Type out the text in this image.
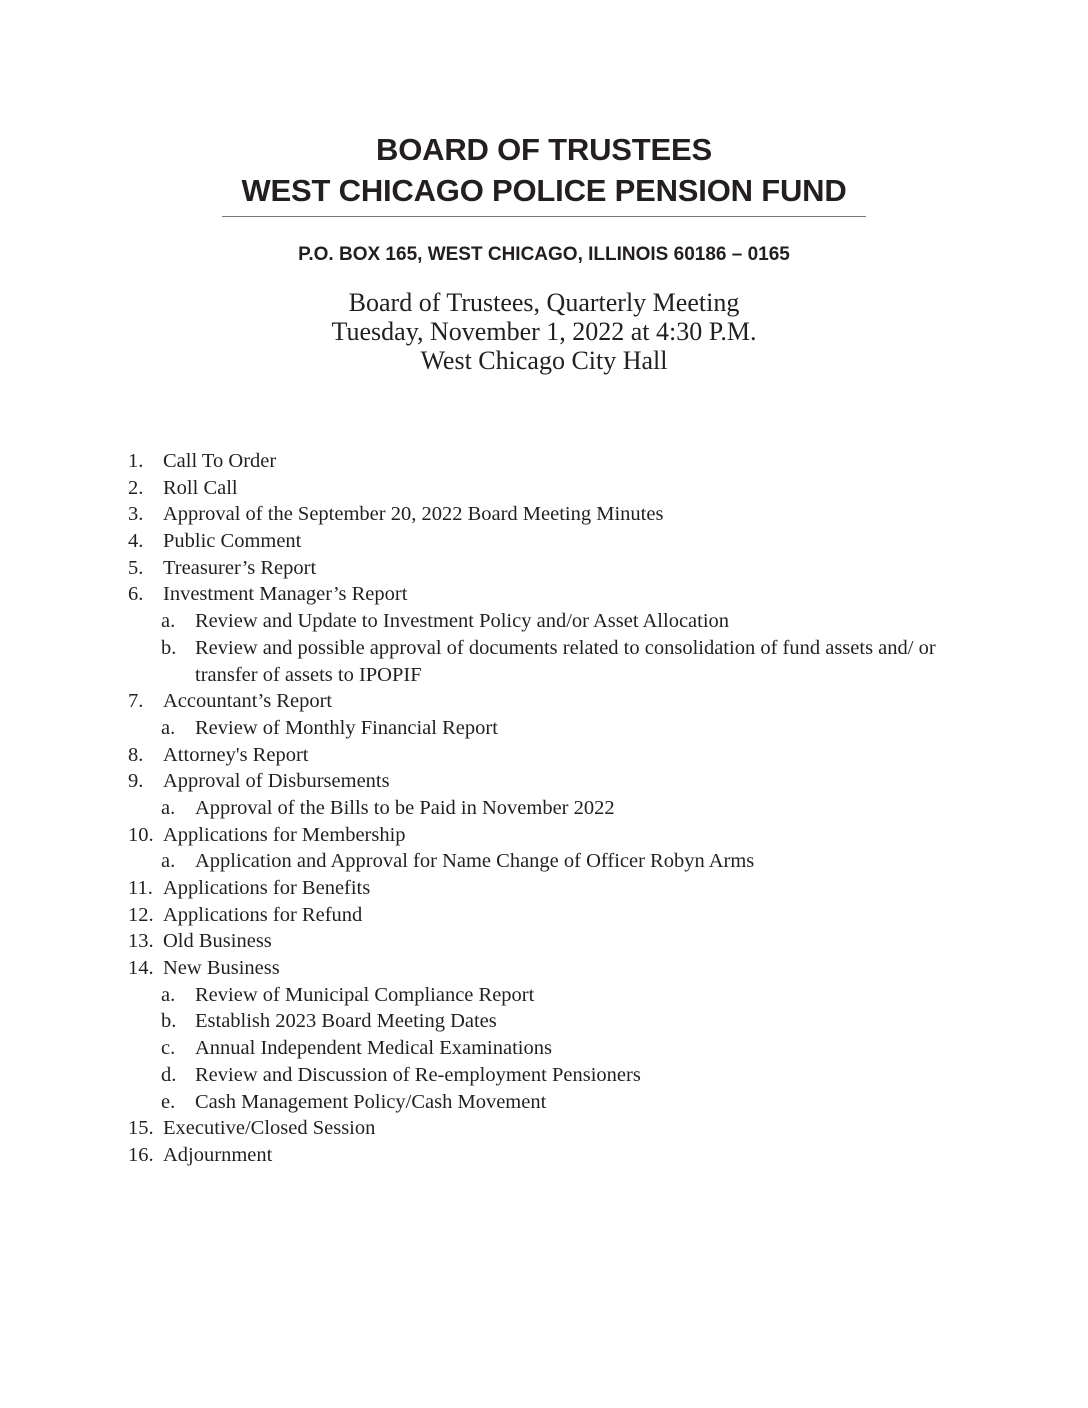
BOARD OF TRUSTEES
WEST CHICAGO POLICE PENSION FUND

P.O. BOX 165, WEST CHICAGO, ILLINOIS 60186 – 0165

Board of Trustees, Quarterly Meeting
Tuesday, November 1, 2022 at 4:30 P.M.
West Chicago City Hall
1. Call To Order
2. Roll Call
3. Approval of the September 20, 2022 Board Meeting Minutes
4. Public Comment
5. Treasurer’s Report
6. Investment Manager’s Report
a. Review and Update to Investment Policy and/or Asset Allocation
b. Review and possible approval of documents related to consolidation of fund assets and/ or transfer of assets to IPOPIF
7. Accountant’s Report
a. Review of Monthly Financial Report
8. Attorney's Report
9. Approval of Disbursements
a. Approval of the Bills to be Paid in November 2022
10. Applications for Membership
a. Application and Approval for Name Change of Officer Robyn Arms
11. Applications for Benefits
12. Applications for Refund
13. Old Business
14. New Business
a. Review of Municipal Compliance Report
b. Establish 2023 Board Meeting Dates
c. Annual Independent Medical Examinations
d. Review and Discussion of Re-employment Pensioners
e. Cash Management Policy/Cash Movement
15. Executive/Closed Session
16. Adjournment
